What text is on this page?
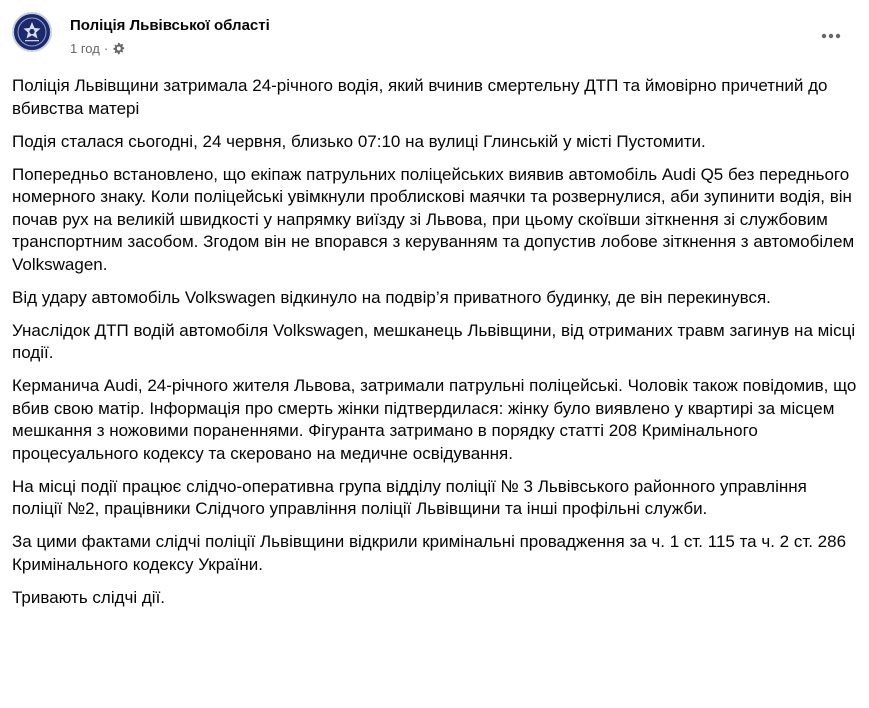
Поліція Львівської області
1 год ·

Поліція Львівщини затримала 24-річного водія, який вчинив смертельну ДТП та ймовірно причетний до вбивства матері

Подія сталася сьогодні, 24 червня, близько 07:10 на вулиці Глинській у місті Пустомити.

Попередньо встановлено, що екіпаж патрульних поліцейських виявив автомобіль Audi Q5 без переднього номерного знаку. Коли поліцейські увімкнули проблискові маячки та розвернулися, аби зупинити водія, він почав рух на великій швидкості у напрямку виїзду зі Львова, при цьому скоївши зіткнення зі службовим транспортним засобом. Згодом він не впорався з керуванням та допустив лобове зіткнення з автомобілем Volkswagen.

Від удару автомобіль Volkswagen відкинуло на подвір’я приватного будинку, де він перекинувся.

Унаслідок ДТП водій автомобіля Volkswagen, мешканець Львівщини, від отриманих травм загинув на місці події.

Керманича Audi, 24-річного жителя Львова, затримали патрульні поліцейські. Чоловік також повідомив, що вбив свою матір. Інформація про смерть жінки підтвердилася: жінку було виявлено у квартирі за місцем мешкання з ножовими пораненнями. Фігуранта затримано в порядку статті 208 Кримінального процесуального кодексу та скеровано на медичне освідування.

На місці події працює слідчо-оперативна група відділу поліції № 3 Львівського районного управління поліції №2, працівники Слідчого управління поліції Львівщини та інші профільні служби.

За цими фактами слідчі поліції Львівщини відкрили кримінальні провадження за ч. 1 ст. 115 та ч. 2 ст. 286 Кримінального кодексу України.

Тривають слідчі дії.
